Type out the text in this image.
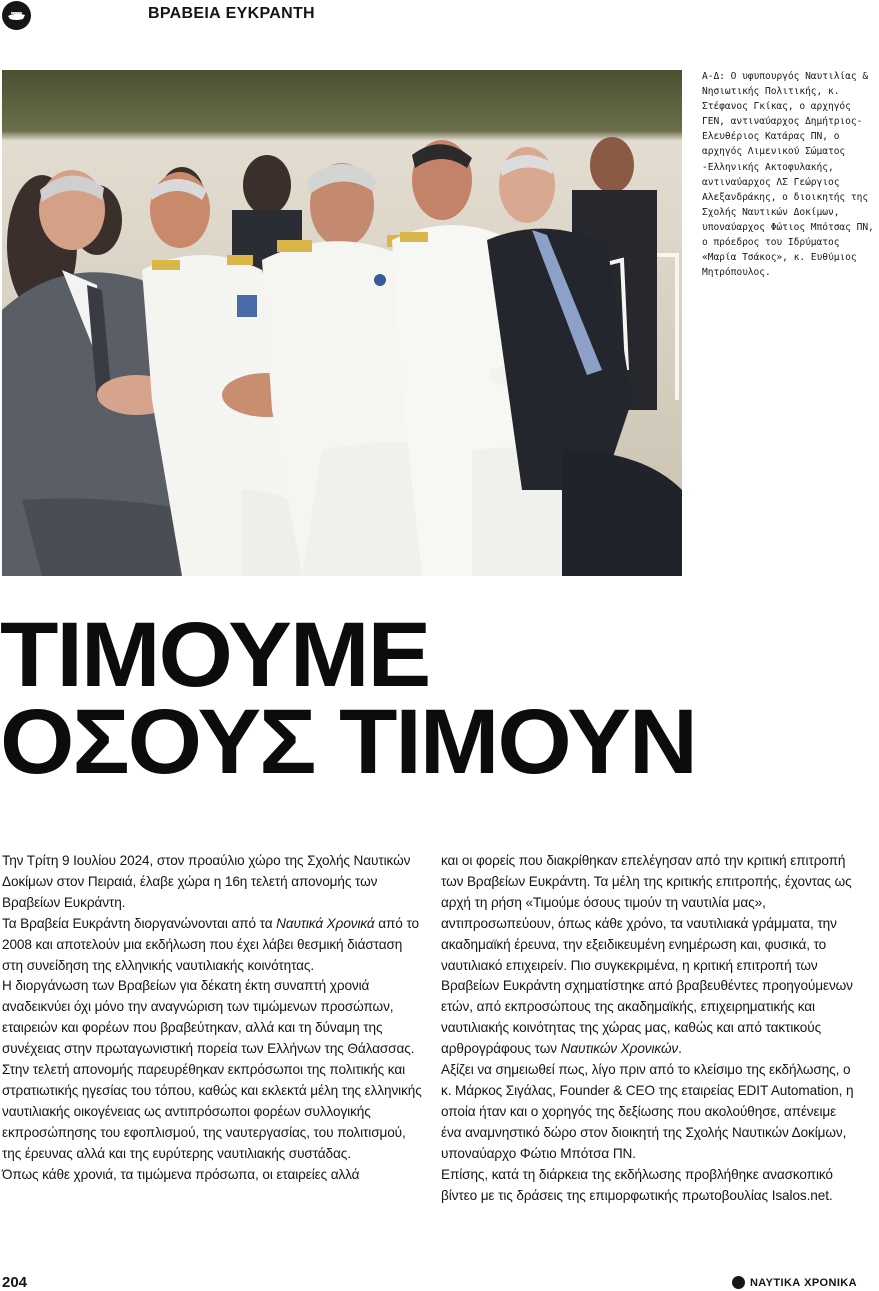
ΒΡΑΒΕΙΑ ΕΥΚΡΑΝΤΗ
Α-Δ: Ο υφυπουργός Ναυτιλίας & Νησιωτικής Πολιτικής, κ. Στέφανος Γκίκας, ο αρχηγός ΓΕΝ, αντιναύαρχος Δημήτριος-Ελευθέριος Κατάρας ΠΝ, ο αρχηγός Λιμενικού Σώματος -Ελληνικής Ακτοφυλακής, αντιναύαρχος ΛΣ Γεώργιος Αλεξανδράκης, ο διοικητής της Σχολής Ναυτικών Δοκίμων, υποναύαρχος Φώτιος Μπότσας ΠΝ, ο πρόεδρος του Ιδρύματος «Μαρία Τσάκος», κ. Ευθύμιος Μητρόπουλος.
ΤΙΜΟΥΜΕ
ΟΣΟΥΣ ΤΙΜΟΥΝ

Την Τρίτη 9 Ιουλίου 2024, στον προαύλιο χώρο της Σχολής Ναυτικών Δοκίμων στον Πειραιά, έλαβε χώρα η 16η τελετή απονομής των Βραβείων Ευκράντη.

Τα Βραβεία Ευκράντη διοργανώνονται από τα Ναυτικά Χρονικά από το 2008 και αποτελούν μια εκδήλωση που έχει λάβει θεσμική διάσταση στη συνείδηση της ελληνικής ναυτιλιακής κοινότητας.

Η διοργάνωση των Βραβείων για δέκατη έκτη συναπτή χρονιά αναδεικνύει όχι μόνο την αναγνώριση των τιμώμενων προσώπων, εταιρειών και φορέων που βραβεύτηκαν, αλλά και τη δύναμη της συνέχειας στην πρωταγωνιστική πορεία των Ελλήνων της Θάλασσας.

Στην τελετή απονομής παρευρέθηκαν εκπρόσωποι της πολιτικής και στρατιωτικής ηγεσίας του τόπου, καθώς και εκλεκτά μέλη της ελληνικής ναυτιλιακής οικογένειας ως αντιπρόσωποι φορέων συλλογικής εκπροσώπησης του εφοπλισμού, της ναυτεργασίας, του πολιτισμού, της έρευνας αλλά και της ευρύτερης ναυτιλιακής συστάδας.

Όπως κάθε χρονιά, τα τιμώμενα πρόσωπα, οι εταιρείες αλλά

και οι φορείς που διακρίθηκαν επελέγησαν από την κριτική επιτροπή των Βραβείων Ευκράντη. Τα μέλη της κριτικής επιτροπής, έχοντας ως αρχή τη ρήση «Τιμούμε όσους τιμούν τη ναυτιλία μας», αντιπροσωπεύουν, όπως κάθε χρόνο, τα ναυτιλιακά γράμματα, την ακαδημαϊκή έρευνα, την εξειδικευμένη ενημέρωση και, φυσικά, το ναυτιλιακό επιχειρείν. Πιο συγκεκριμένα, η κριτική επιτροπή των Βραβείων Ευκράντη σχηματίστηκε από βραβευθέντες προηγούμενων ετών, από εκπροσώπους της ακαδημαϊκής, επιχειρηματικής και ναυτιλιακής κοινότητας της χώρας μας, καθώς και από τακτικούς αρθρογράφους των Ναυτικών Χρονικών.

Αξίζει να σημειωθεί πως, λίγο πριν από το κλείσιμο της εκδήλωσης, ο κ. Μάρκος Σιγάλας, Founder & CEO της εταιρείας EDIT Automation, η οποία ήταν και ο χορηγός της δεξίωσης που ακολούθησε, απένειμε ένα αναμνηστικό δώρο στον διοικητή της Σχολής Ναυτικών Δοκίμων, υποναύαρχο Φώτιο Μπότσα ΠΝ.

Επίσης, κατά τη διάρκεια της εκδήλωσης προβλήθηκε ανασκοπικό βίντεο με τις δράσεις της επιμορφωτικής πρωτοβουλίας Isalos.net.

204	ΝΑΥΤΙΚΑ ΧΡΟΝΙΚΑ
